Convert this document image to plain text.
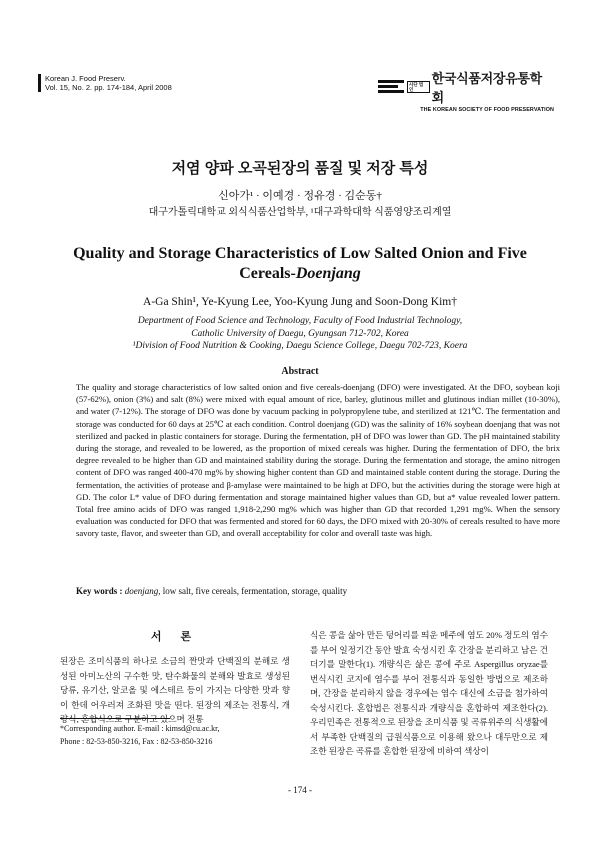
Korean J. Food Preserv.
Vol. 15, No. 2. pp. 174-184, April 2008	사단 법인
한국식품저장유통학회
THE KOREAN SOCIETY OF FOOD PRESERVATION
저염 양파 오곡된장의 품질 및 저장 특성
신아가¹ · 이예경 · 정유경 · 김순동†
대구가톨릭대학교 외식식품산업학부, ¹대구과학대학 식품영양조리계열
Quality and Storage Characteristics of Low Salted Onion and Five Cereals-Doenjang
A-Ga Shin¹, Ye-Kyung Lee, Yoo-Kyung Jung and Soon-Dong Kim†
Department of Food Science and Technology, Faculty of Food Industrial Technology,
Catholic University of Daegu, Gyungsan 712-702, Korea
¹Division of Food Nutrition & Cooking, Daegu Science College, Daegu 702-723, Koera
Abstract
The quality and storage characteristics of low salted onion and five cereals-doenjang (DFO) were investigated. At the DFO, soybean koji (57-62%), onion (3%) and salt (8%) were mixed with equal amount of rice, barley, glutinous millet and glutinous indian millet (10-30%), and water (7-12%). The storage of DFO was done by vacuum packing in polypropylene tube, and sterilized at 121℃. The fermentation and storage was conducted for 60 days at 25℃ at each condition. Control doenjang (GD) was the salinity of 16% soybean doenjang that was not sterilized and packed in plastic containers for storage. During the fermentation, pH of DFO was lower than GD. The pH maintained stability during the storage, and revealed to be lowered, as the proportion of mixed cereals was higher. During the fermentation of DFO, the brix degree revealed to be higher than GD and maintained stability during the storage. During the fermentation and storage, the amino nitrogen content of DFO was ranged 400-470 mg% by showing higher content than GD and maintained stable content during the storage. During the fermentation, the activities of protease and β-amylase were maintained to be high at DFO, but the activities during the storage were high at GD. The color L* value of DFO during fermentation and storage maintained higher values than GD, but a* value revealed lower pattern. Total free amino acids of DFO was ranged 1,918-2,290 mg% which was higher than GD that recorded 1,291 mg%. When the sensory evaluation was conducted for DFO that was fermented and stored for 60 days, the DFO mixed with 20-30% of cereals resulted to have more savory taste, flavor, and sweeter than GD, and overall acceptability for color and overall taste was high.
Key words : doenjang, low salt, five cereals, fermentation, storage, quality
서 론
된장은 조미식품의 하나로 소금의 짠맛과 단백질의 분해로 생성된 아미노산의 구수한 맛, 탄수화물의 분해와 발효로 생성된 당류, 유기산, 알코올 및 에스테르 등이 가지는 다양한 맛과 향이 한데 어우러져 조화된 맛을 띤다. 된장의 제조는 전통식, 개량식, 혼합식으로 구분하고 있으며 전통
식은 콩을 삶아 만든 덩어리를 띄운 메주에 염도 20% 정도의 염수를 부어 일정기간 동안 발효 숙성시킨 후 간장을 분리하고 남은 건더기를 말한다(1). 개량식은 삶은 콩에 주로 Aspergillus oryzae를 번식시킨 코지에 염수를 부어 전통식과 동일한 방법으로 제조하며, 간장을 분리하지 않을 경우에는 염수 대신에 소금을 첨가하여 숙성시킨다. 혼합법은 전통식과 개량식을 혼합하여 제조한다(2). 우리민족은 전통적으로 된장을 조미식품 및 곡류위주의 식생활에서 부족한 단백질의 급원식품으로 이용해 왔으나 대두만으로 제조한 된장은 곡류를 혼합한 된장에 비하여 색상이
*Corresponding author. E-mail : kimsd@cu.ac.kr,
Phone : 82-53-850-3216, Fax : 82-53-850-3216
- 174 -
